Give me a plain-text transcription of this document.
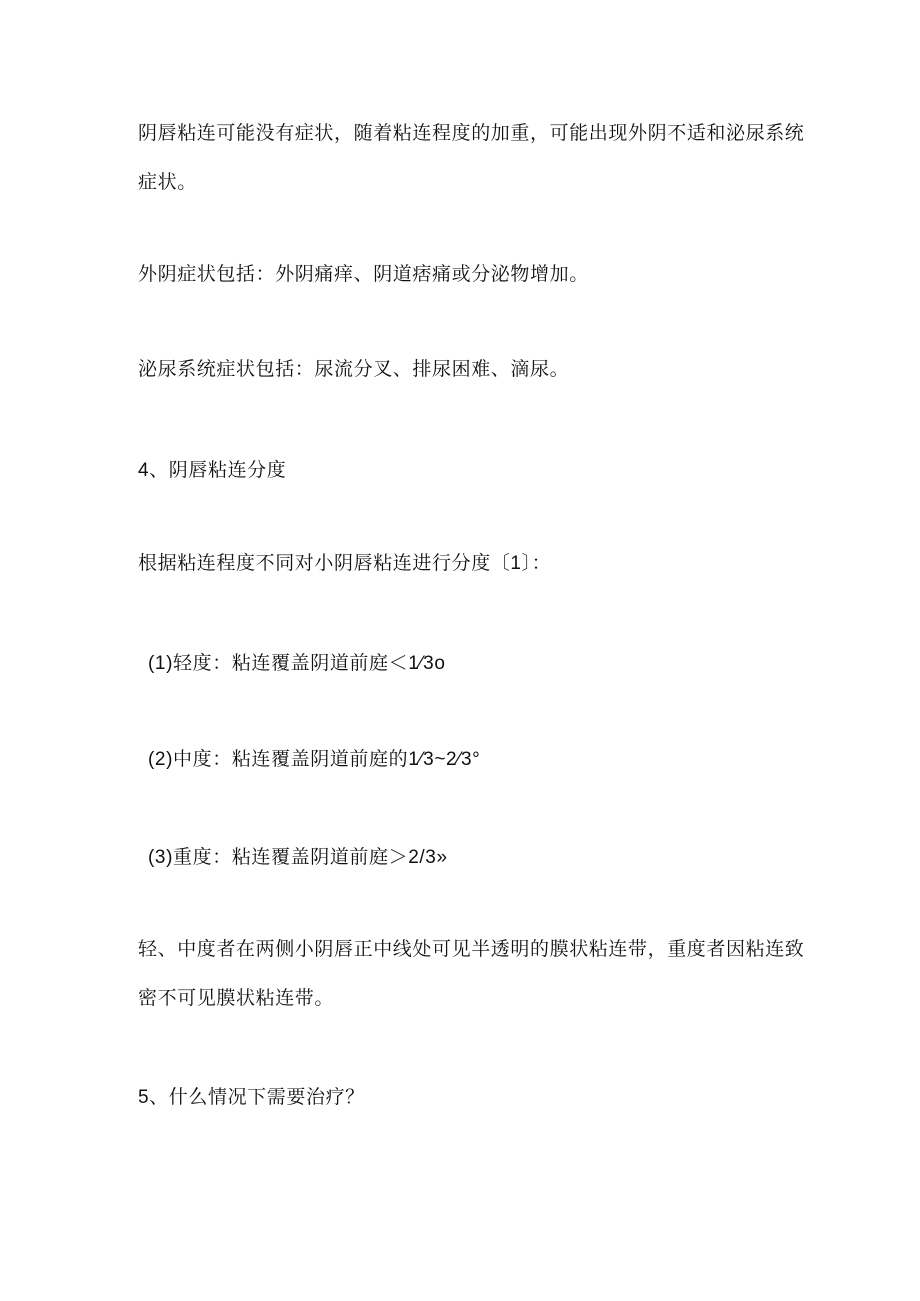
阴唇粘连可能没有症状，随着粘连程度的加重，可能出现外阴不适和泌尿系统
症状。
外阴症状包括：外阴痛痒、阴道痞痛或分泌物增加。
泌尿系统症状包括：尿流分叉、排尿困难、滴尿。
4、阴唇粘连分度
根据粘连程度不同对小阴唇粘连进行分度〔1〕：
(1)轻度：粘连覆盖阴道前庭＜1⁄3o
(2)中度：粘连覆盖阴道前庭的1⁄3~2⁄3°
(3)重度：粘连覆盖阴道前庭＞2/3»
轻、中度者在两侧小阴唇正中线处可见半透明的膜状粘连带，重度者因粘连致
密不可见膜状粘连带。
5、什么情况下需要治疗？
